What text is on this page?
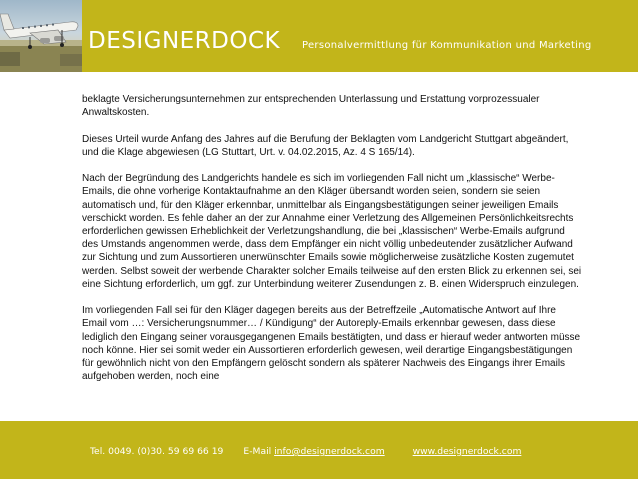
DESIGNERDOCK Personalvermittlung für Kommunikation und Marketing

beklagte Versicherungsunternehmen zur entsprechenden Unterlassung und Erstattung vorprozessualer Anwaltskosten.

Dieses Urteil wurde Anfang des Jahres auf die Berufung der Beklagten vom Landgericht Stuttgart abgeändert, und die Klage abgewiesen (LG Stuttart, Urt. v. 04.02.2015, Az. 4 S 165/14).

Nach der Begründung des Landgerichts handele es sich im vorliegenden Fall nicht um „klassische“ Werbe-Emails, die ohne vorherige Kontaktaufnahme an den Kläger übersandt worden seien, sondern sie seien automatisch und, für den Kläger erkennbar, unmittelbar als Eingangsbestätigungen seiner jeweiligen Emails verschickt worden. Es fehle daher an der zur Annahme einer Verletzung des Allgemeinen Persönlichkeitsrechts erforderlichen gewissen Erheblichkeit der Verletzungshandlung, die bei „klassischen“ Werbe-Emails aufgrund des Umstands angenommen werde, dass dem Empfänger ein nicht völlig unbedeutender zusätzlicher Aufwand zur Sichtung und zum Aussortieren unerwünschter Emails sowie möglicherweise zusätzliche Kosten zugemutet werden. Selbst soweit der werbende Charakter solcher Emails teilweise auf den ersten Blick zu erkennen sei, sei eine Sichtung erforderlich, um ggf. zur Unterbindung weiterer Zusendungen z. B. einen Widerspruch einzulegen.

Im vorliegenden Fall sei für den Kläger dagegen bereits aus der Betreffzeile „Automatische Antwort auf Ihre Email vom …: Versicherungsnummer… / Kündigung“ der Autoreply-Emails erkennbar gewesen, dass diese lediglich den Eingang seiner vorausgegangenen Emails bestätigten, und dass er hierauf weder antworten müsse noch könne. Hier sei somit weder ein Aussortieren erforderlich gewesen, weil derartige Eingangsbestätigungen für gewöhnlich nicht von den Empfängern gelöscht sondern als späterer Nachweis des Eingangs ihrer Emails aufgehoben werden, noch eine

Tel. 0049. (0)30. 59 69 66 19 E-Mail info@designerdock.com	www.designerdock.com
